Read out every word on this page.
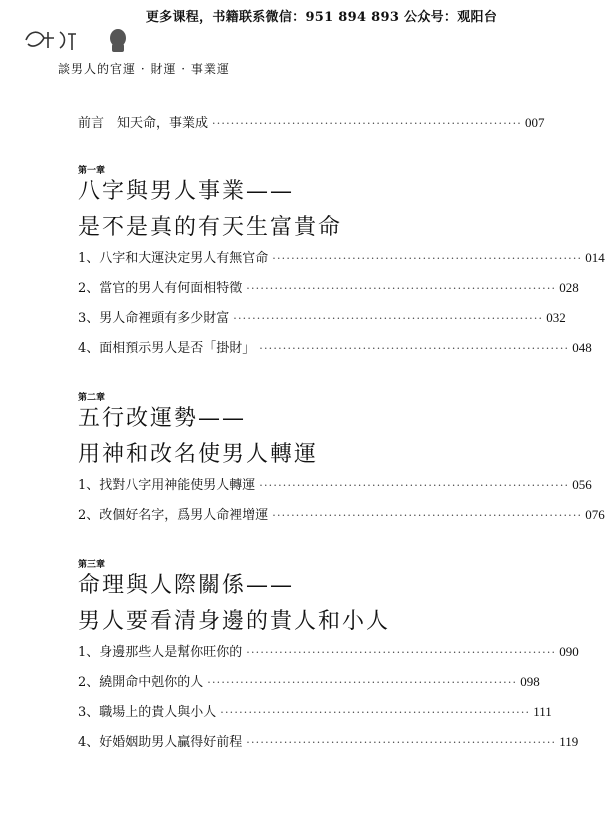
更多课程，书籍联系微信：951 894 893 公众号：观阳台
談男人的官運 · 財運 · 事業運
前言　知天命，事業成 ·································································· 007
第一章
八字與男人事業——
是不是真的有天生富貴命
1、八字和大運決定男人有無官命 ·································································· 014
2、當官的男人有何面相特徵 ·································································· 028
3、男人命裡頭有多少財富 ·································································· 032
4、面相預示男人是否「掛財」 ·································································· 048
第二章
五行改運勢——
用神和改名使男人轉運
1、找對八字用神能使男人轉運 ·································································· 056
2、改個好名字，爲男人命裡增運 ·································································· 076
第三章
命理與人際關係——
男人要看清身邊的貴人和小人
1、身邊那些人是幫你旺你的 ·································································· 090
2、繞開命中剋你的人 ·································································· 098
3、職場上的貴人與小人 ·································································· 111
4、好婚姻助男人贏得好前程 ·································································· 119
